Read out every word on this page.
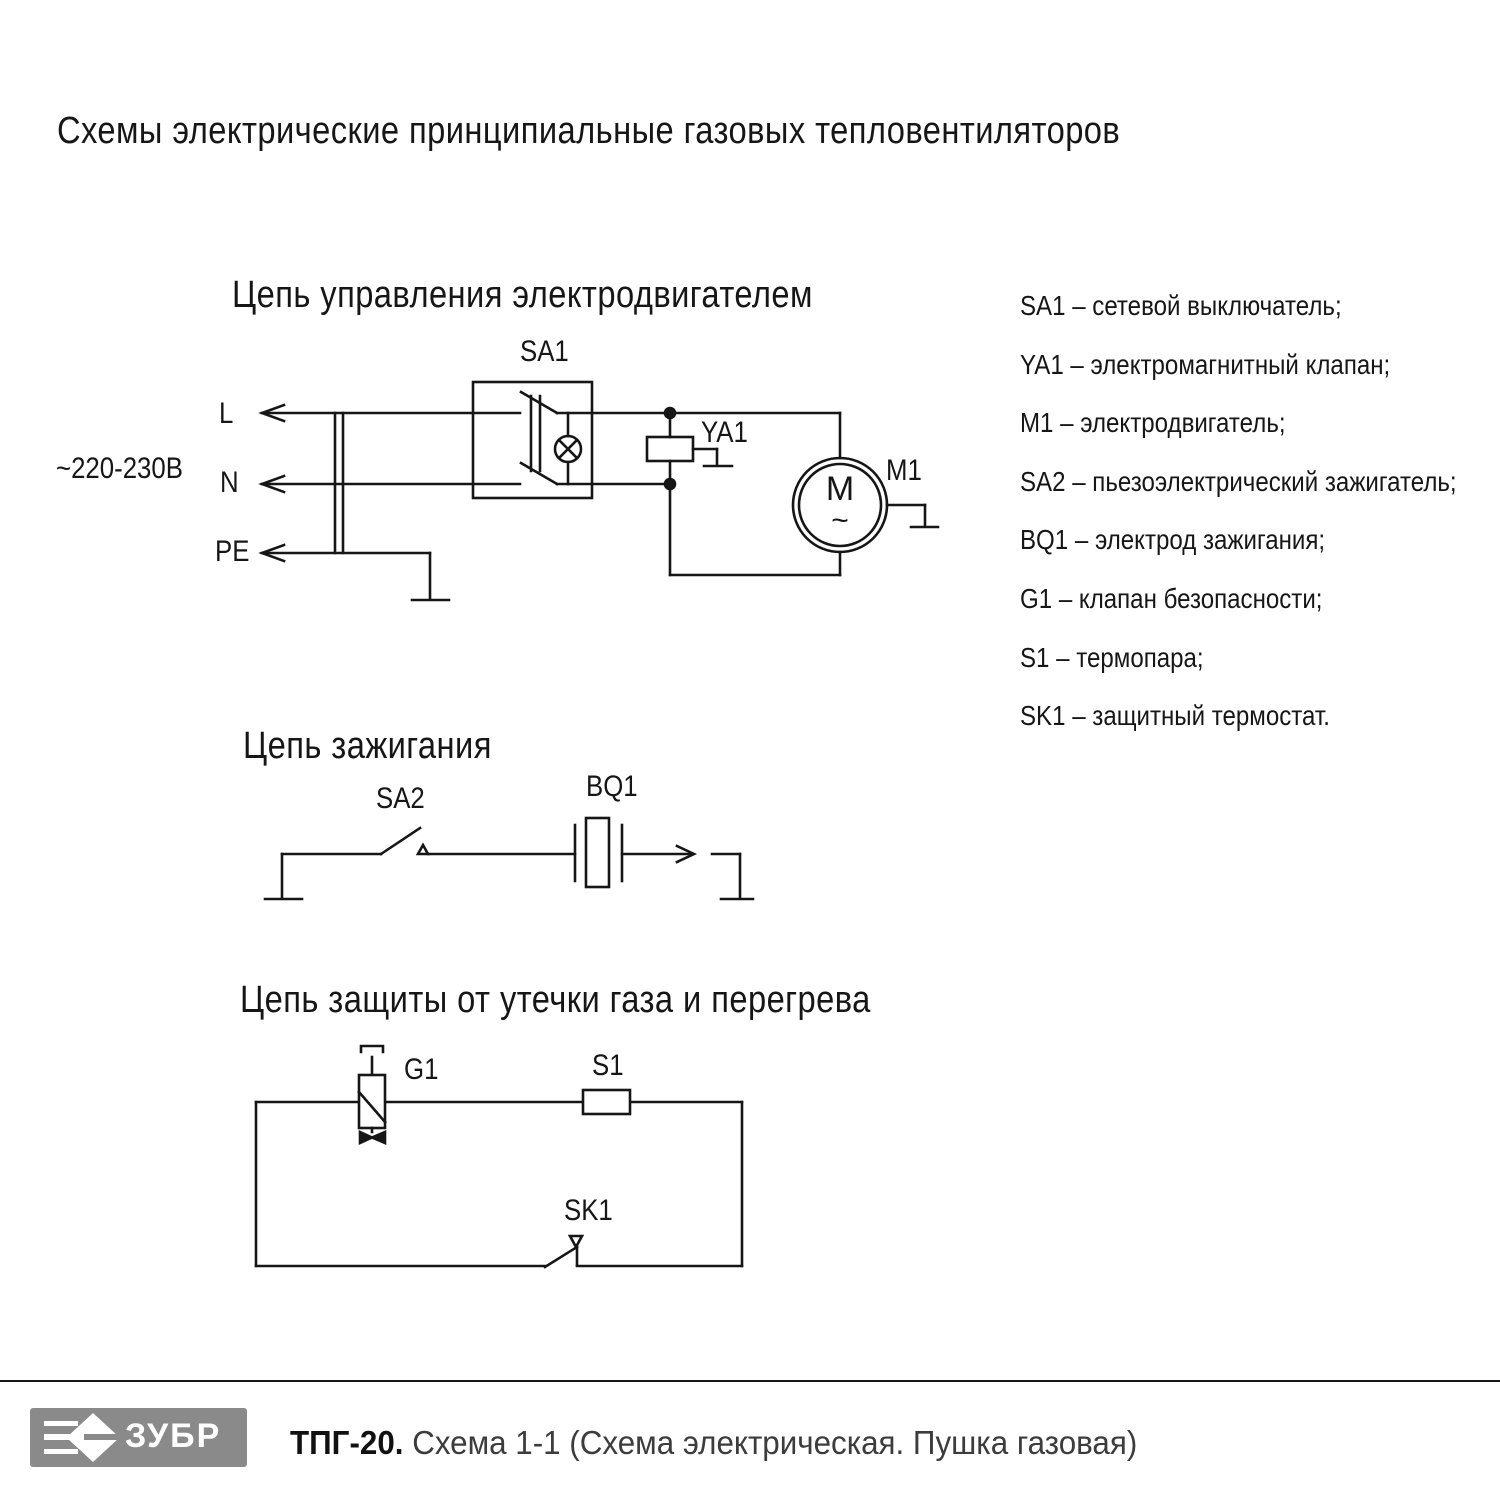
Схемы электрические принципиальные газовых тепловентиляторов
Цепь управления электродвигателем
Цепь зажигания
Цепь защиты от утечки газа и перегрева
~220-230В
L
N
PE
SA1
YA1
M1
M
~
SA2	BQ1
G1	S1
SK1
SA1 – сетевой выключатель;
YA1 – электромагнитный клапан;
M1 – электродвигатель;
SA2 – пьезоэлектрический зажигатель;
BQ1 – электрод зажигания;
G1 – клапан безопасности;
S1 – термопара;
SK1 – защитный термостат.
ЗУБР ТПГ-20. Схема 1-1 (Схема электрическая. Пушка газовая)
